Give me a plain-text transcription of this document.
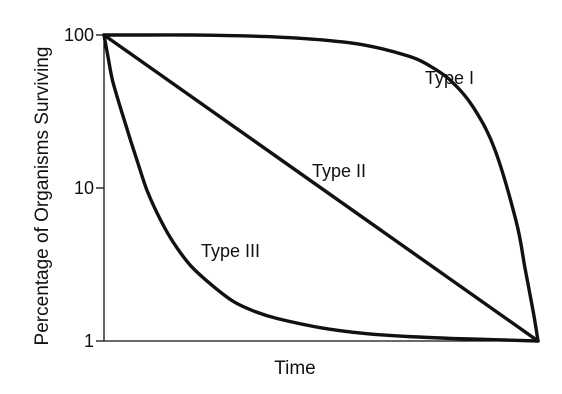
100
10
1
Type I
Type II
Type III
Time
Percentage of Organisms Surviving
